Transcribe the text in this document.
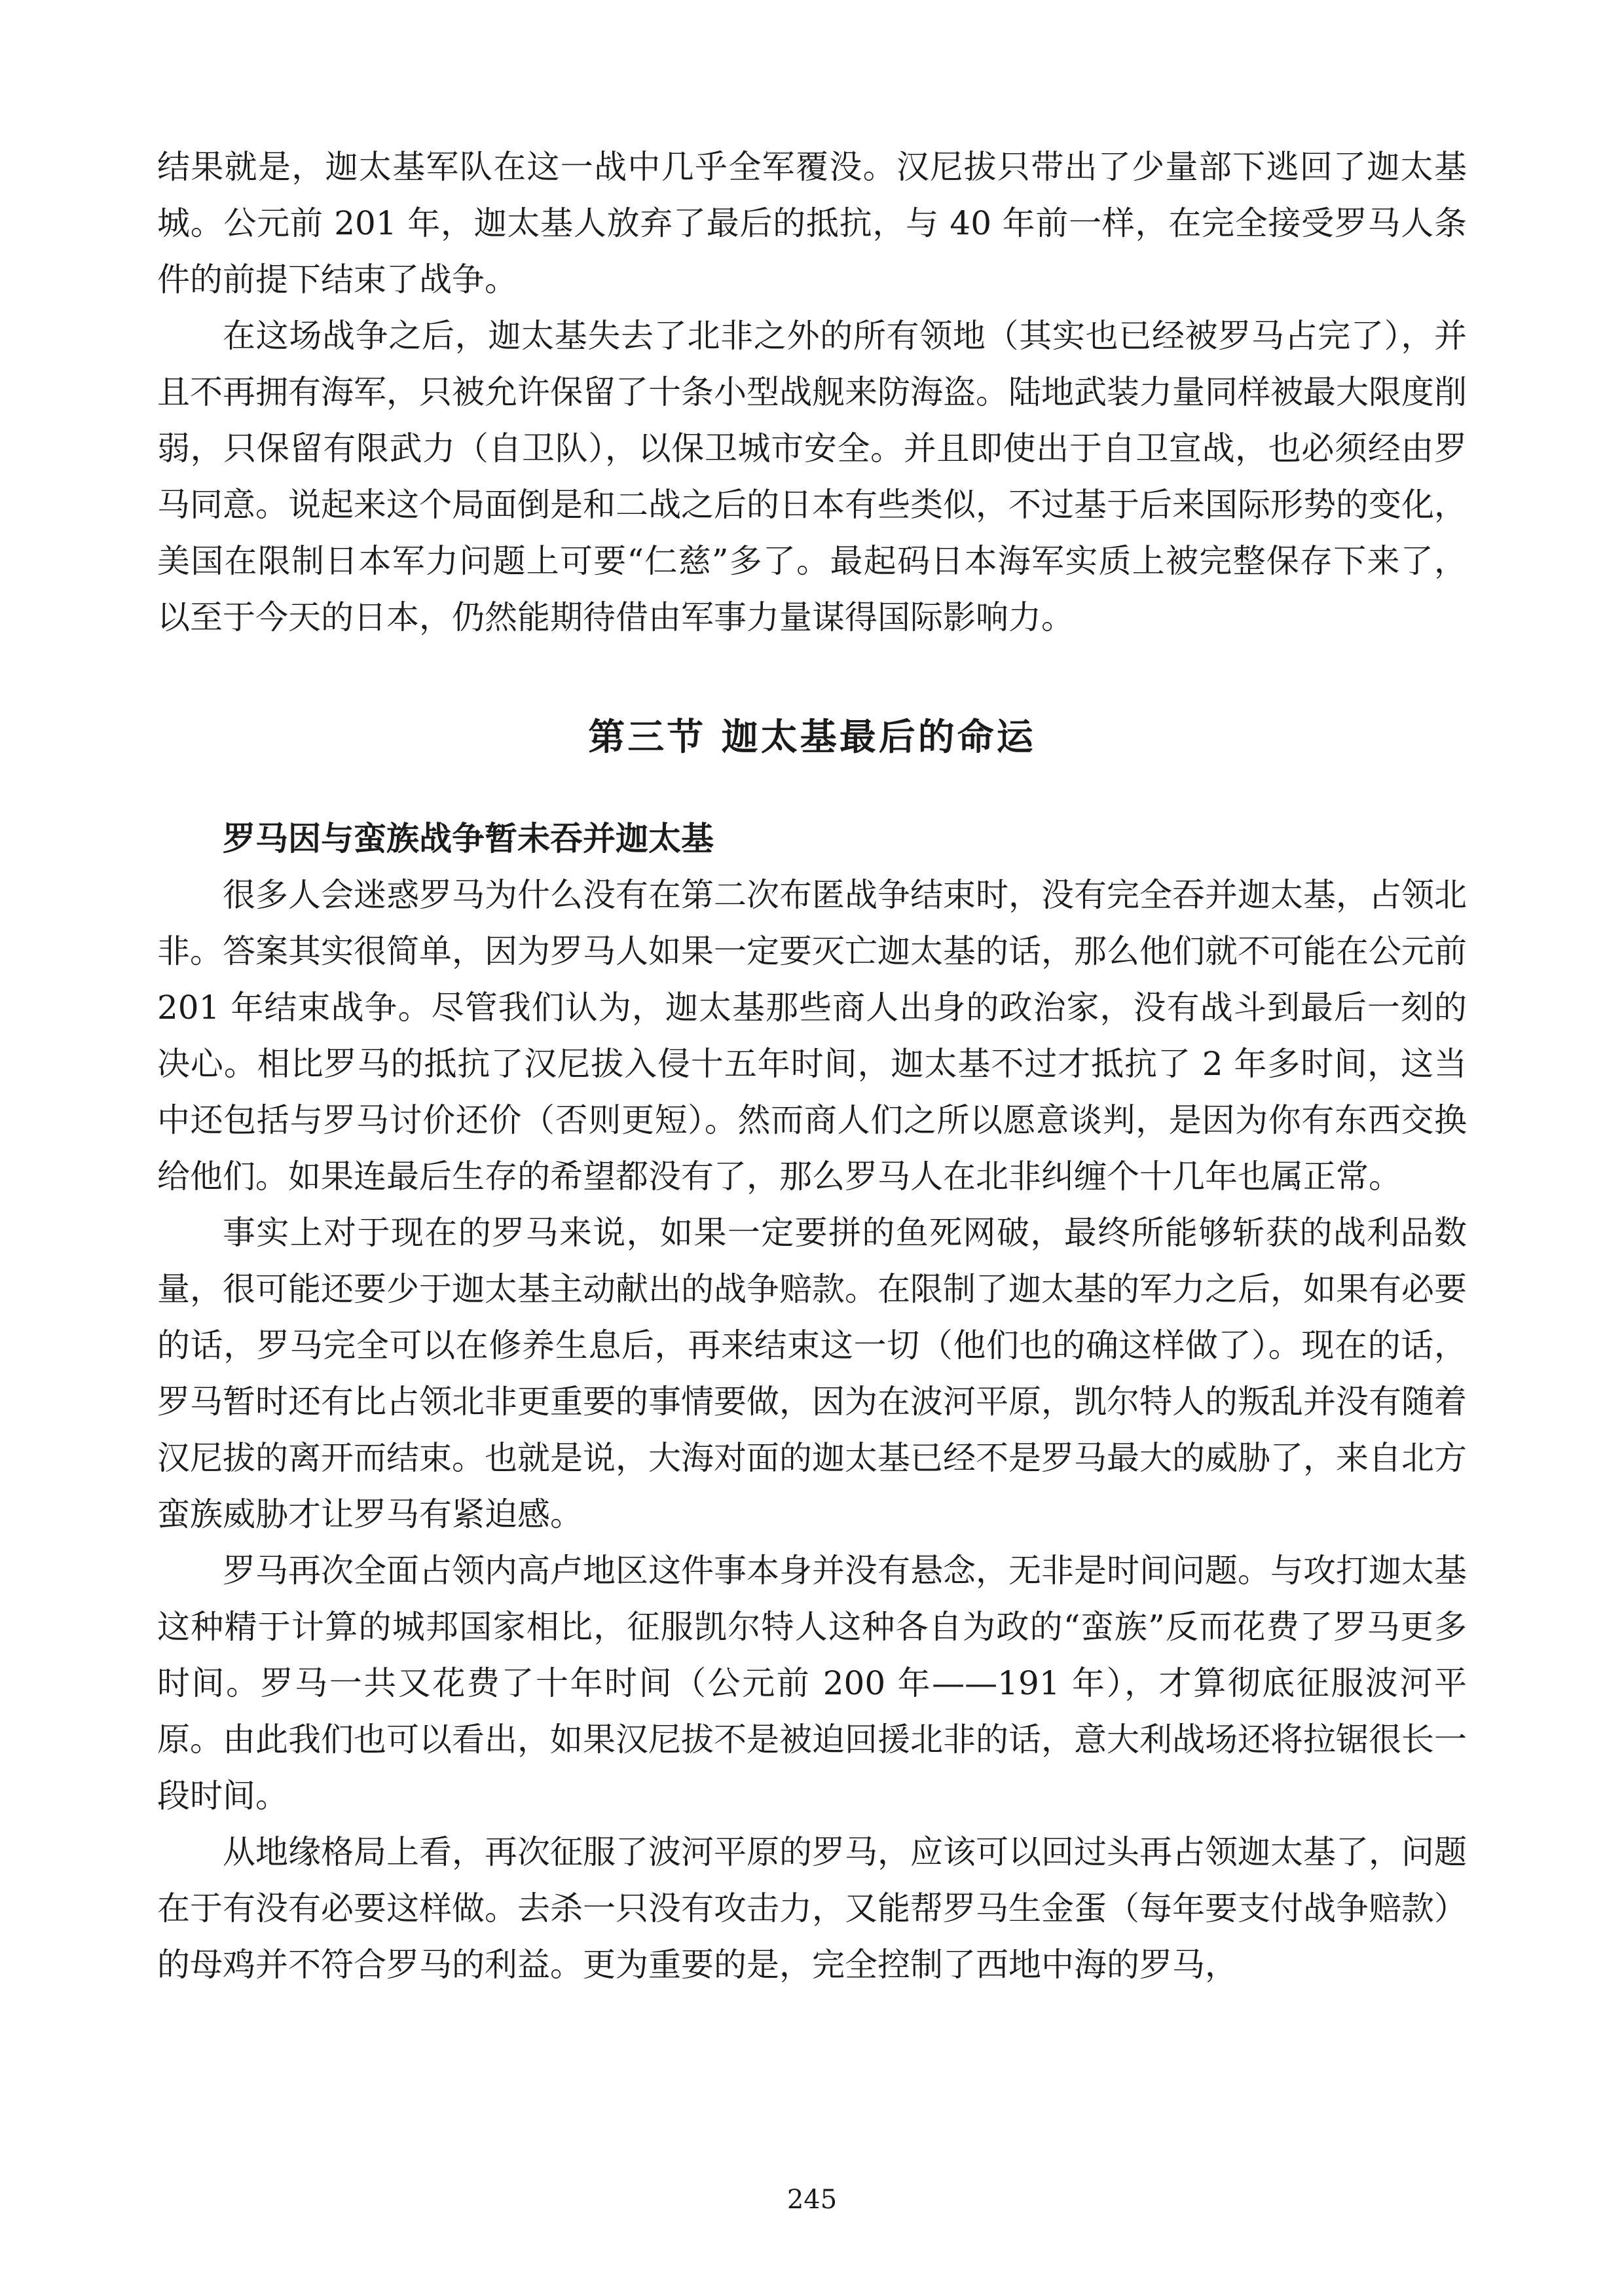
结果就是，迦太基军队在这一战中几乎全军覆没。汉尼拔只带出了少量部下逃回了迦太基城。公元前 201 年，迦太基人放弃了最后的抵抗，与 40 年前一样，在完全接受罗马人条件的前提下结束了战争。

在这场战争之后，迦太基失去了北非之外的所有领地（其实也已经被罗马占完了），并且不再拥有海军，只被允许保留了十条小型战舰来防海盗。陆地武装力量同样被最大限度削弱，只保留有限武力（自卫队），以保卫城市安全。并且即使出于自卫宣战，也必须经由罗马同意。说起来这个局面倒是和二战之后的日本有些类似，不过基于后来国际形势的变化，美国在限制日本军力问题上可要“仁慈”多了。最起码日本海军实质上被完整保存下来了，以至于今天的日本，仍然能期待借由军事力量谋得国际影响力。

第三节 迦太基最后的命运
罗马因与蛮族战争暂未吞并迦太基

很多人会迷惑罗马为什么没有在第二次布匿战争结束时，没有完全吞并迦太基，占领北非。答案其实很简单，因为罗马人如果一定要灭亡迦太基的话，那么他们就不可能在公元前 201 年结束战争。尽管我们认为，迦太基那些商人出身的政治家，没有战斗到最后一刻的决心。相比罗马的抵抗了汉尼拔入侵十五年时间，迦太基不过才抵抗了 2 年多时间，这当中还包括与罗马讨价还价（否则更短）。然而商人们之所以愿意谈判，是因为你有东西交换给他们。如果连最后生存的希望都没有了，那么罗马人在北非纠缠个十几年也属正常。

事实上对于现在的罗马来说，如果一定要拼的鱼死网破，最终所能够斩获的战利品数量，很可能还要少于迦太基主动献出的战争赔款。在限制了迦太基的军力之后，如果有必要的话，罗马完全可以在修养生息后，再来结束这一切（他们也的确这样做了）。现在的话，罗马暂时还有比占领北非更重要的事情要做，因为在波河平原，凯尔特人的叛乱并没有随着汉尼拔的离开而结束。也就是说，大海对面的迦太基已经不是罗马最大的威胁了，来自北方蛮族威胁才让罗马有紧迫感。

罗马再次全面占领内高卢地区这件事本身并没有悬念，无非是时间问题。与攻打迦太基这种精于计算的城邦国家相比，征服凯尔特人这种各自为政的“蛮族”反而花费了罗马更多时间。罗马一共又花费了十年时间（公元前 200 年——191 年），才算彻底征服波河平原。由此我们也可以看出，如果汉尼拔不是被迫回援北非的话，意大利战场还将拉锯很长一段时间。

从地缘格局上看，再次征服了波河平原的罗马，应该可以回过头再占领迦太基了，问题在于有没有必要这样做。去杀一只没有攻击力，又能帮罗马生金蛋（每年要支付战争赔款）的母鸡并不符合罗马的利益。更为重要的是，完全控制了西地中海的罗马，

245
